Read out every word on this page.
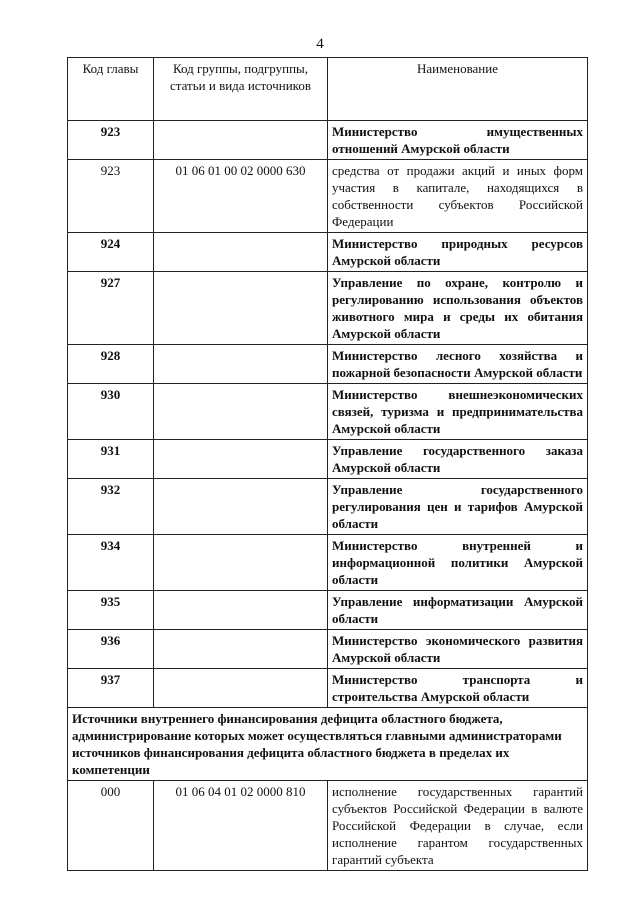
4
Код главы	Код группы, подгруппы, статьи и вида источников	Наименование
923		Министерство имущественных отношений Амурской области
923	01 06 01 00 02 0000 630	средства от продажи акций и иных форм участия в капитале, находящихся в собственности субъектов Российской Федерации
924		Министерство природных ресурсов Амурской области
927		Управление по охране, контролю и регулированию использования объектов животного мира и среды их обитания Амурской области
928		Министерство лесного хозяйства и пожарной безопасности Амурской области
930		Министерство внешнеэкономических связей, туризма и предпринимательства Амурской области
931		Управление государственного заказа Амурской области
932		Управление государственного регулирования цен и тарифов Амурской области
934		Министерство внутренней и информационной политики Амурской области
935		Управление информатизации Амурской области
936		Министерство экономического развития Амурской области
937		Министерство транспорта и строительства Амурской области
Источники внутреннего финансирования дефицита областного бюджета, администрирование которых может осуществляться главными администраторами источников финансирования дефицита областного бюджета в пределах их компетенции		
000	01 06 04 01 02 0000 810	исполнение государственных гарантий субъектов Российской Федерации в валюте Российской Федерации в случае, если исполнение гарантом государственных гарантий субъекта
